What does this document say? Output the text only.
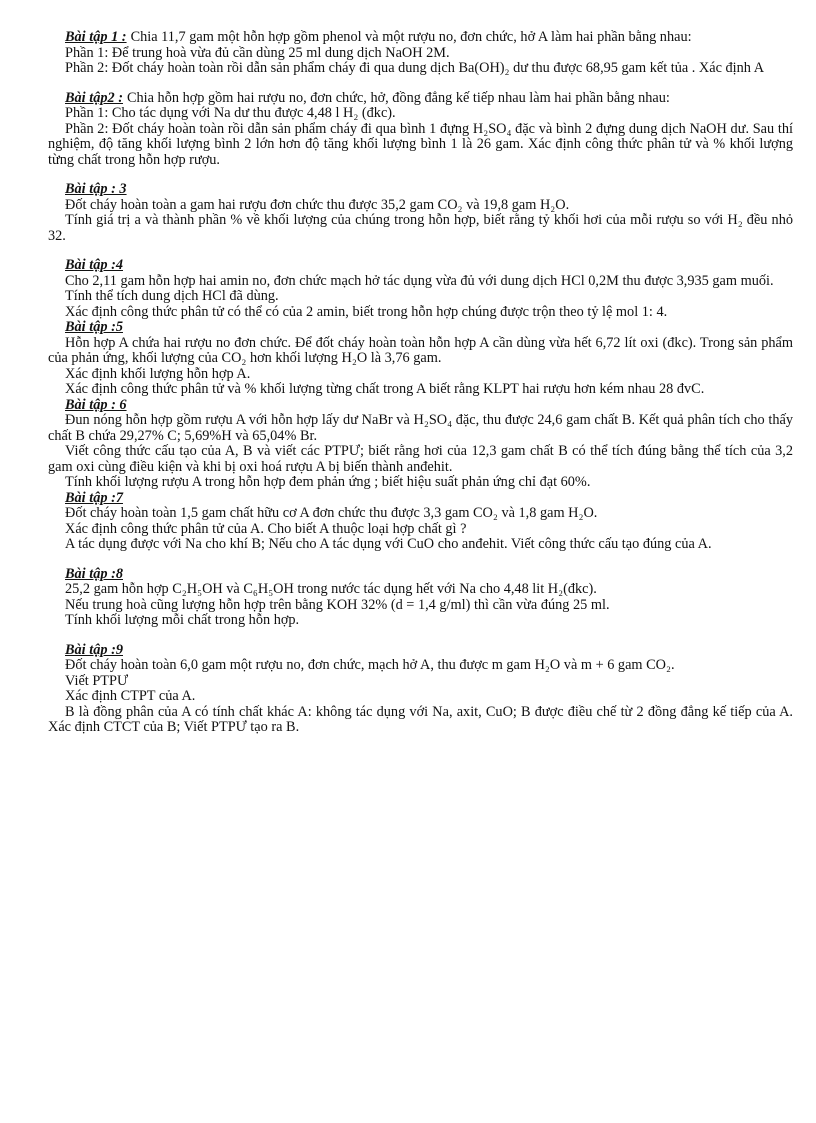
Bài tập 1 : Chia 11,7 gam một hỗn hợp gồm phenol và một rượu no, đơn chức, hở A làm hai phần bằng nhau:

Phần 1: Để trung hoà vừa đủ cần dùng 25 ml dung dịch NaOH 2M.

Phần 2: Đốt cháy hoàn toàn rồi dẫn sản phẩm cháy đi qua dung dịch Ba(OH)₂ dư thu được 68,95 gam kết tủa . Xác định A

Bài tập2 : Chia hỗn hợp gồm hai rượu no, đơn chức, hở, đồng đẳng kế tiếp nhau làm hai phần bằng nhau:

Phần 1: Cho tác dụng với Na dư thu được 4,48 l H₂ (đkc).

Phần 2: Đốt cháy hoàn toàn rồi dẫn sản phẩm cháy đi qua bình 1 đựng H₂SO₄ đặc và bình 2 đựng dung dịch NaOH dư. Sau thí nghiệm, độ tăng khối lượng bình 2 lớn hơn độ tăng khối lượng bình 1 là 26 gam. Xác định công thức phân tử và % khối lượng từng chất trong hỗn hợp rượu.

Bài tập : 3

Đốt cháy hoàn toàn a gam hai rượu đơn chức thu được 35,2 gam CO₂ và 19,8 gam H₂O.

Tính giá trị a và thành phần % về khối lượng của chúng trong hỗn hợp, biết rằng tỷ khối hơi của mỗi rượu so với H₂ đều nhỏ 32.

Bài tập :4

Cho 2,11 gam hỗn hợp hai amin no, đơn chức mạch hở tác dụng vừa đủ với dung dịch HCl 0,2M thu được 3,935 gam muối.

Tính thể tích dung dịch HCl đã dùng.

Xác định công thức phân tử có thể có của 2 amin, biết trong hỗn hợp chúng được trộn theo tỷ lệ mol 1: 4.

Bài tập :5

Hỗn hợp A chứa hai rượu no đơn chức. Để đốt cháy hoàn toàn hỗn hợp A cần dùng vừa hết 6,72 lít oxi (đkc). Trong sản phẩm của phản ứng, khối lượng của CO₂ hơn khối lượng H₂O là 3,76 gam.

Xác định khối lượng hỗn hợp A.

Xác định công thức phân tử và % khối lượng từng chất trong A biết rằng KLPT hai rượu hơn kém nhau 28 đvC.

Bài tập : 6

Đun nóng hỗn hợp gồm rượu A với hỗn hợp lấy dư NaBr và H₂SO₄ đặc, thu được 24,6 gam chất B. Kết quả phân tích cho thấy chất B chứa 29,27% C; 5,69%H và 65,04% Br.

Viết công thức cấu tạo của A, B và viết các PTPƯ; biết rằng hơi của 12,3 gam chất B có thể tích đúng bằng thể tích của 3,2 gam oxi cùng điều kiện và khi bị oxi hoá rượu A bị biến thành anđehit.

Tính khối lượng rượu A trong hỗn hợp đem phản ứng ; biết hiệu suất phản ứng chỉ đạt 60%.

Bài tập :7

Đốt cháy hoàn toàn 1,5 gam chất hữu cơ A đơn chức thu được 3,3 gam CO₂ và 1,8 gam H₂O.

Xác định công thức phân tử của A. Cho biết A thuộc loại hợp chất gì ?

A tác dụng được với Na cho khí B; Nếu cho A tác dụng với CuO cho anđehit. Viết công thức cấu tạo đúng của A.

Bài tập :8

25,2 gam hỗn hợp C₂H₅OH và C₆H₅OH trong nước tác dụng hết với Na cho 4,48 lit H₂(đkc).

Nếu trung hoà cũng lượng hỗn hợp trên bằng KOH 32% (d = 1,4 g/ml) thì cần vừa đúng 25 ml.

Tính khối lượng mỗi chất trong hỗn hợp.

Bài tập :9

Đốt cháy hoàn toàn 6,0 gam một rượu no, đơn chức, mạch hở A, thu được m gam H₂O và m + 6 gam CO₂.

Viết PTPƯ

Xác định CTPT của A.

B là đồng phân của A có tính chất khác A: không tác dụng với Na, axit, CuO; B được điều chế từ 2 đồng đẳng kế tiếp của A. Xác định CTCT của B; Viết PTPƯ tạo ra B.
